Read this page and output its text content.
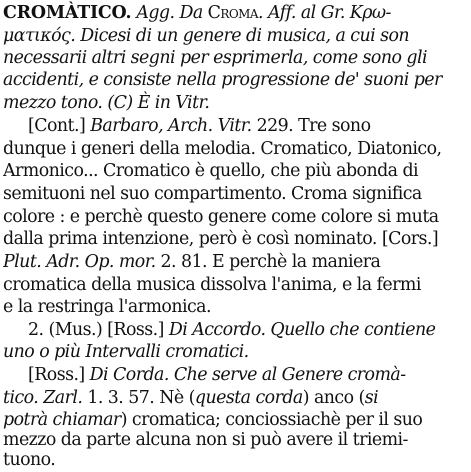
CROMÀTICO. Agg. Da Croma. Aff. al Gr. Κρω-
ματικός. Dicesi di un genere di musica, a cui son
necessarii altri segni per esprimerla, come sono gli
accidenti, e consiste nella progressione de' suoni per
mezzo tono. (C) È in Vitr.
[Cont.] Barbaro, Arch. Vitr. 229. Tre sono
dunque i generi della melodia. Cromatico, Diatonico,
Armonico... Cromatico è quello, che più abonda di
semituoni nel suo compartimento. Croma significa
colore : e perchè questo genere come colore si muta
dalla prima intenzione, però è così nominato. [Cors.]
Plut. Adr. Op. mor. 2. 81. E perchè la maniera
cromatica della musica dissolva l'anima, e la fermi
e la restringa l'armonica.
2. (Mus.) [Ross.] Di Accordo. Quello che contiene
uno o più Intervalli cromatici.
[Ross.] Di Corda. Che serve al Genere cromà-
tico. Zarl. 1. 3. 57. Nè (questa corda) anco (si
potrà chiamar) cromatica; conciossiachè per il suo
mezzo da parte alcuna non si può avere il triemi-
tuono.
